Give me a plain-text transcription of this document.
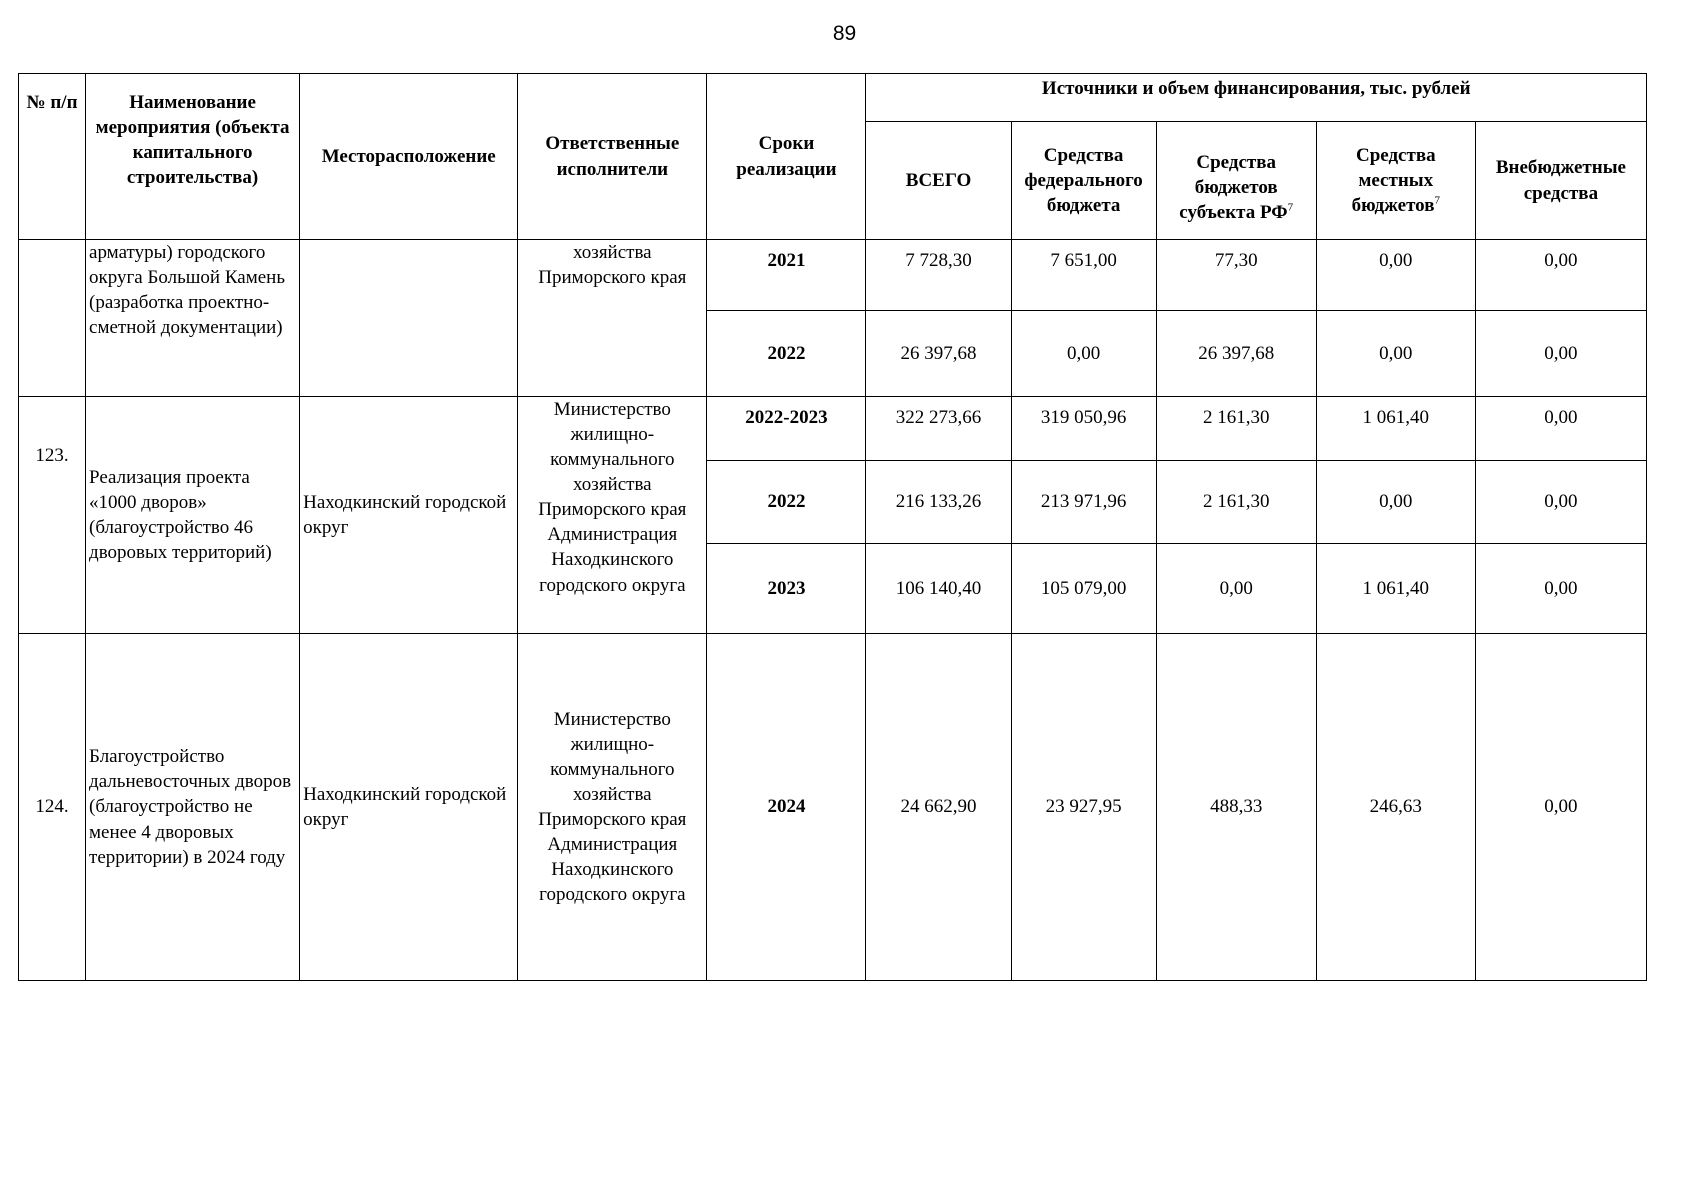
89
№ п/п	Наименование мероприятия (объекта капитального строительства)	Месторасположение	Ответственные исполнители	Сроки реализации	Источники и объем финансирования, тыс. рублей				
					ВСЕГО	Средства федерального бюджета	Средства бюджетов субъекта $РФ^7$	Средства местных бюджетов$^7$	Внебюджетные средства
	арматуры) городского округа Большой Камень (разработка проектно-сметной документации)		хозяйства Приморского края	2021	7 728,30	7 651,00	77,30	0,00	0,00
				2022	26 397,68	0,00	26 397,68	0,00	0,00
123.	Реализация проекта «1000 дворов» (благоустройство 46 дворовых территорий)	Находкинский городской округ	Министерство жилищно-коммунального хозяйства Приморского края Администрация Находкинского городского округа	2022-2023	322 273,66	319 050,96	2 161,30	1 061,40	0,00
				2022	216 133,26	213 971,96	2 161,30	0,00	0,00
				2023	106 140,40	105 079,00	0,00	1 061,40	0,00
124.	Благоустройство дальневосточных дворов (благоустройство не менее 4 дворовых территории) в 2024 году	Находкинский городской округ	Министерство жилищно-коммунального хозяйства Приморского края Администрация Находкинского городского округа	2024	24 662,90	23 927,95	488,33	246,63	0,00
